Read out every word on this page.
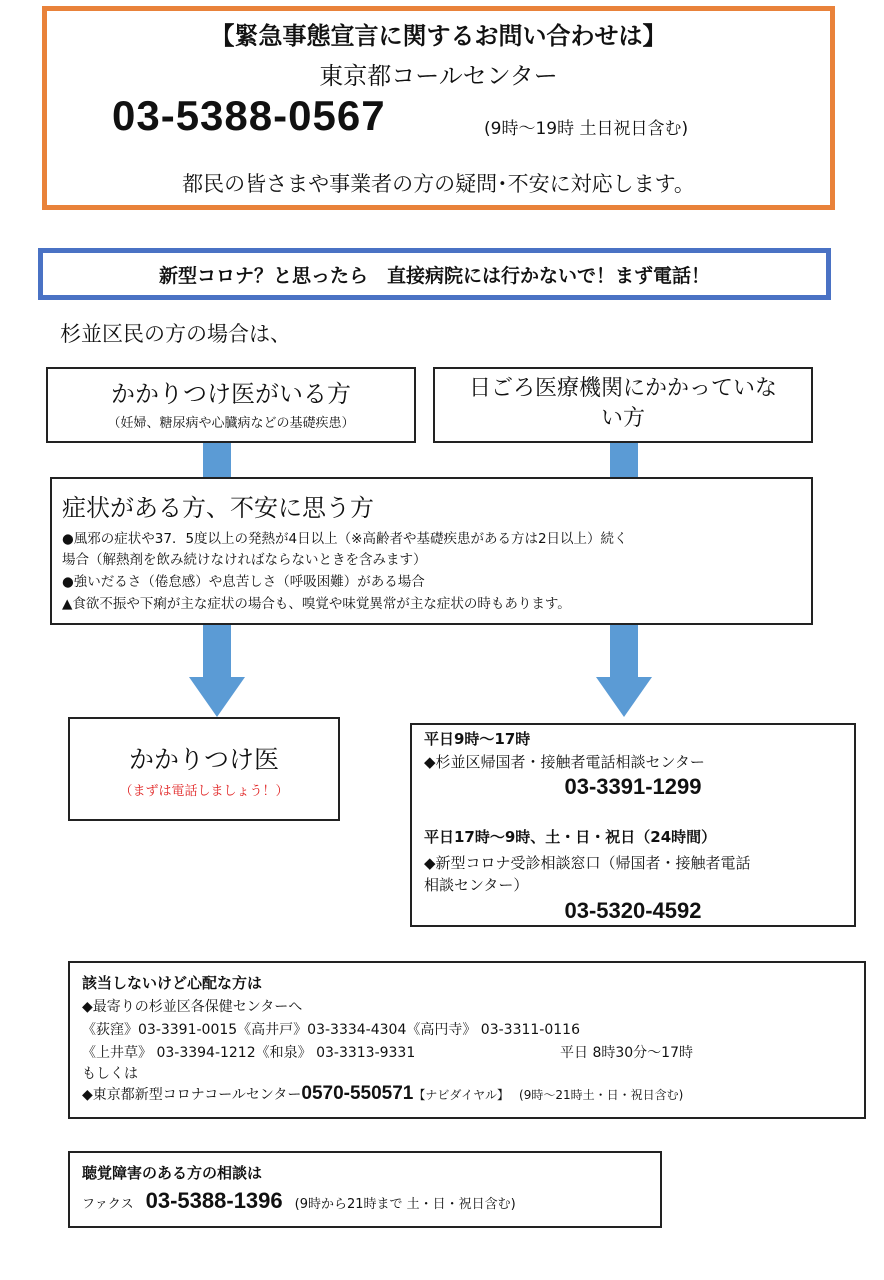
【緊急事態宣言に関するお問い合わせは】
東京都コールセンター
03-5388-0567	(9時～19時 土日祝日含む)
都民の皆さまや事業者の方の疑問･不安に対応します。
新型コロナ？と思ったら　直接病院には行かないで！まず電話！
杉並区民の方の場合は、
かかりつけ医がいる方
（妊婦、糖尿病や心臓病などの基礎疾患）
日ごろ医療機関にかかっていな
い方
症状がある方、不安に思う方
●風邪の症状や37．5度以上の発熱が4日以上（※高齢者や基礎疾患がある方は2日以上）続く
場合（解熱剤を飲み続けなければならないときを含みます）
●強いだるさ（倦怠感）や息苦しさ（呼吸困難）がある場合
▲食欲不振や下痢が主な症状の場合も、嗅覚や味覚異常が主な症状の時もあります。
かかりつけ医
（まずは電話しましょう！）
平日9時～17時
◆杉並区帰国者・接触者電話相談センター
03-3391-1299
平日17時～9時、土・日・祝日（24時間）
◆新型コロナ受診相談窓口（帰国者・接触者電話
相談センター）
03-5320-4592
該当しないけど心配な方は
◆最寄りの杉並区各保健センターへ
《荻窪》03-3391-0015《高井戸》03-3334-4304《高円寺》 03-3311-0116
《上井草》 03-3394-1212《和泉》 03-3313-9331	平日 8時30分～17時
もしくは
◆東京都新型コロナコールセンター 0570-550571 【ナビダイヤル】 (9時～21時土・日・祝日含む)
聴覚障害のある方の相談は
ファクス 03-5388-1396 (9時から21時まで 土・日・祝日含む)
